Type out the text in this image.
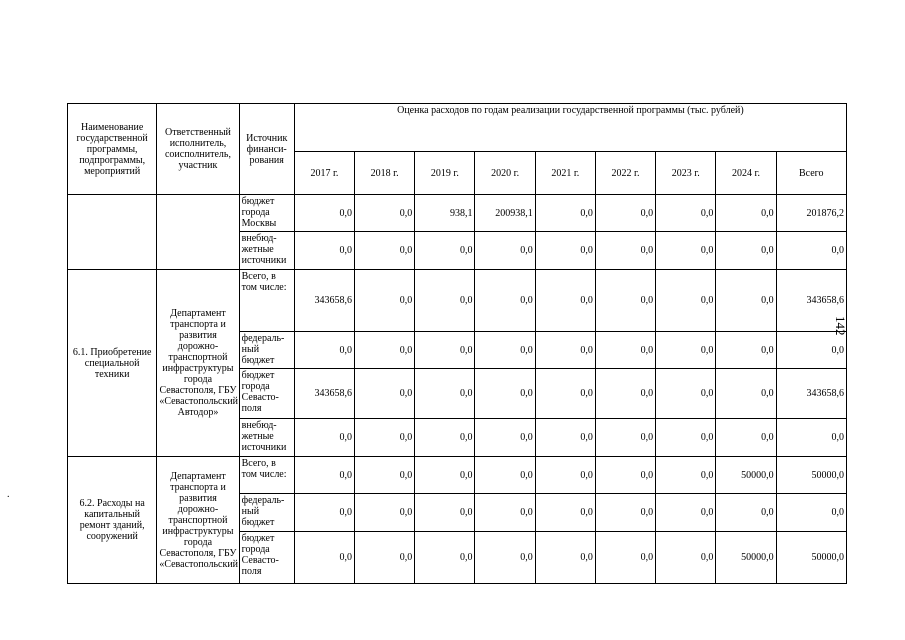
142
.
Наименование государственной программы, подпрограммы, мероприятий	Ответственный исполнитель, соисполнитель, участник	Источник финанси-рования	Оценка расходов по годам реализации государственной программы (тыс. рублей)								
			2017 г.	2018 г.	2019 г.	2020 г.	2021 г.	2022 г.	2023 г.	2024 г.	Всего
		бюджет
города
Москвы	0,0	0,0	938,1	200938,1	0,0	0,0	0,0	0,0	201876,2
		внебюд-
жетные
источники	0,0	0,0	0,0	0,0	0,0	0,0	0,0	0,0	0,0
6.1. Приобретение специальной техники	Департамент транспорта и развития дорожно-транспортной инфраструктуры города Севастополя, ГБУ «Севастопольский Автодор»	Всего, в
том числе:	343658,6	0,0	0,0	0,0	0,0	0,0	0,0	0,0	343658,6
		федераль-
ный
бюджет	0,0	0,0	0,0	0,0	0,0	0,0	0,0	0,0	0,0
		бюджет
города
Севасто-
поля	343658,6	0,0	0,0	0,0	0,0	0,0	0,0	0,0	343658,6
		внебюд-
жетные
источники	0,0	0,0	0,0	0,0	0,0	0,0	0,0	0,0	0,0
6.2. Расходы на капитальный ремонт зданий, сооружений	Департамент транспорта и развития дорожно-транспортной инфраструктуры города Севастополя, ГБУ «Севастопольский	Всего, в
том числе:	0,0	0,0	0,0	0,0	0,0	0,0	0,0	50000,0	50000,0
		федераль-
ный
бюджет	0,0	0,0	0,0	0,0	0,0	0,0	0,0	0,0	0,0
		бюджет
города
Севасто-
поля	0,0	0,0	0,0	0,0	0,0	0,0	0,0	50000,0	50000,0
